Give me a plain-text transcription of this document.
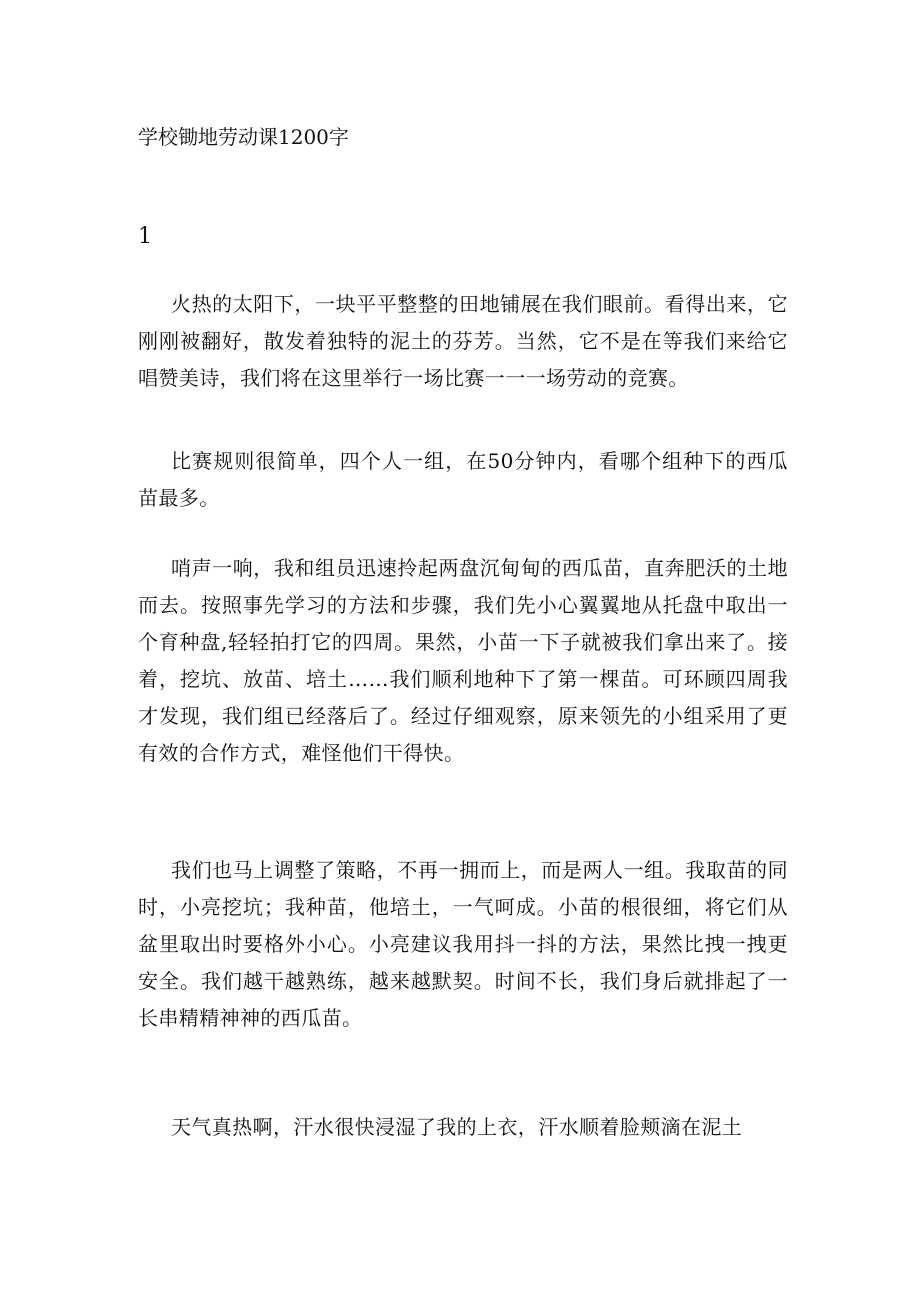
学校锄地劳动课1200字
1

火热的太阳下，一块平平整整的田地铺展在我们眼前。看得出来，它刚刚被翻好，散发着独特的泥土的芬芳。当然，它不是在等我们来给它唱赞美诗，我们将在这里举行一场比赛一一一场劳动的竞赛。

比赛规则很简单，四个人一组，在50分钟内，看哪个组种下的西瓜苗最多。

哨声一响，我和组员迅速拎起两盘沉甸甸的西瓜苗，直奔肥沃的土地而去。按照事先学习的方法和步骤，我们先小心翼翼地从托盘中取出一个育种盘,轻轻拍打它的四周。果然，小苗一下子就被我们拿出来了。接着，挖坑、放苗、培土……我们顺利地种下了第一棵苗。可环顾四周我才发现，我们组已经落后了。经过仔细观察，原来领先的小组采用了更有效的合作方式，难怪他们干得快。

我们也马上调整了策略，不再一拥而上，而是两人一组。我取苗的同时，小亮挖坑；我种苗，他培土，一气呵成。小苗的根很细，将它们从盆里取出时要格外小心。小亮建议我用抖一抖的方法，果然比拽一拽更安全。我们越干越熟练，越来越默契。时间不长，我们身后就排起了一长串精精神神的西瓜苗。

天气真热啊，汗水很快浸湿了我的上衣，汗水顺着脸颊滴在泥土
